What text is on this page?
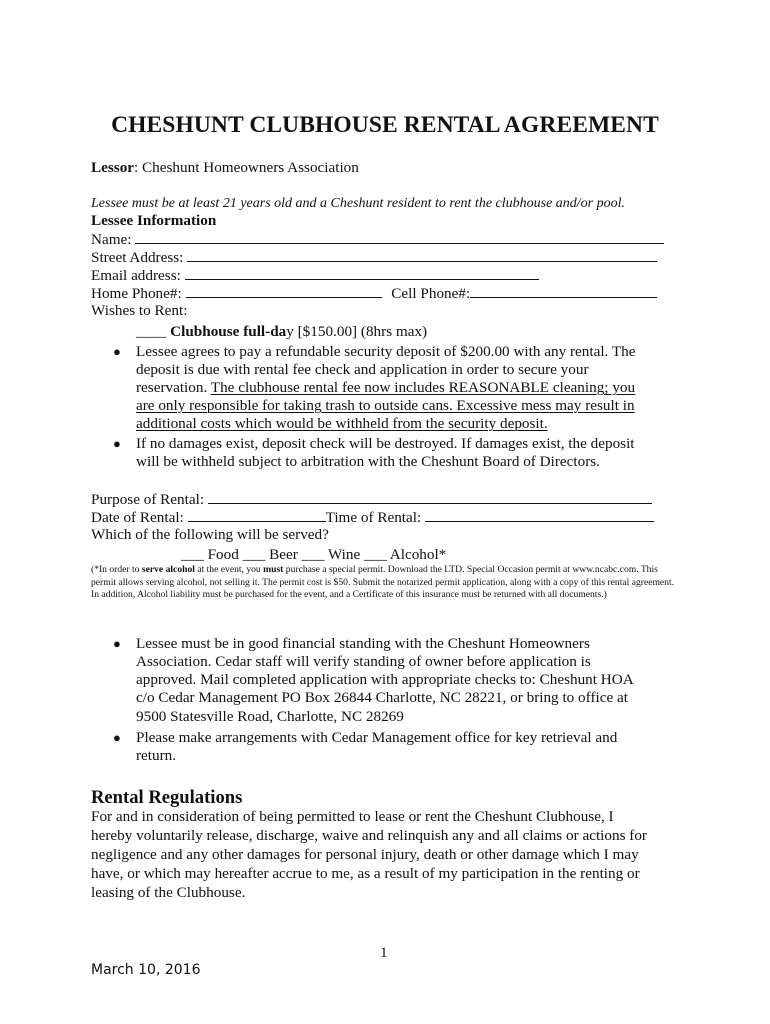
CHESHUNT CLUBHOUSE RENTAL AGREEMENT
Lessor: Cheshunt Homeowners Association
Lessee must be at least 21 years old and a Cheshunt resident to rent the clubhouse and/or pool.
Lessee Information
Name:
Street Address:
Email address:
Home Phone#:	Cell Phone#:
Wishes to Rent:
____ Clubhouse full-day [$150.00] (8hrs max)
● Lessee agrees to pay a refundable security deposit of $200.00 with any rental. The
deposit is due with rental fee check and application in order to secure your
reservation. The clubhouse rental fee now includes REASONABLE cleaning; you
are only responsible for taking trash to outside cans. Excessive mess may result in
additional costs which would be withheld from the security deposit.
● If no damages exist, deposit check will be destroyed. If damages exist, the deposit
will be withheld subject to arbitration with the Cheshunt Board of Directors.
Purpose of Rental:
Date of Rental:	Time of Rental:
Which of the following will be served?
___ Food ___ Beer ___ Wine ___ Alcohol*
(*In order to serve alcohol at the event, you must purchase a special permit. Download the LTD. Special Occasion permit at www.ncabc.com. This permit allows serving alcohol, not selling it. The permit cost is $50. Submit the notarized permit application, along with a copy of this rental agreement. In addition, Alcohol liability must be purchased for the event, and a Certificate of this insurance must be returned with all documents.)
● Lessee must be in good financial standing with the Cheshunt Homeowners
Association. Cedar staff will verify standing of owner before application is
approved. Mail completed application with appropriate checks to: Cheshunt HOA
c/o Cedar Management PO Box 26844 Charlotte, NC 28221, or bring to office at
9500 Statesville Road, Charlotte, NC 28269
● Please make arrangements with Cedar Management office for key retrieval and
return.
Rental Regulations
For and in consideration of being permitted to lease or rent the Cheshunt Clubhouse, I
hereby voluntarily release, discharge, waive and relinquish any and all claims or actions for
negligence and any other damages for personal injury, death or other damage which I may
have, or which may hereafter accrue to me, as a result of my participation in the renting or
leasing of the Clubhouse.
1
March 10, 2016
